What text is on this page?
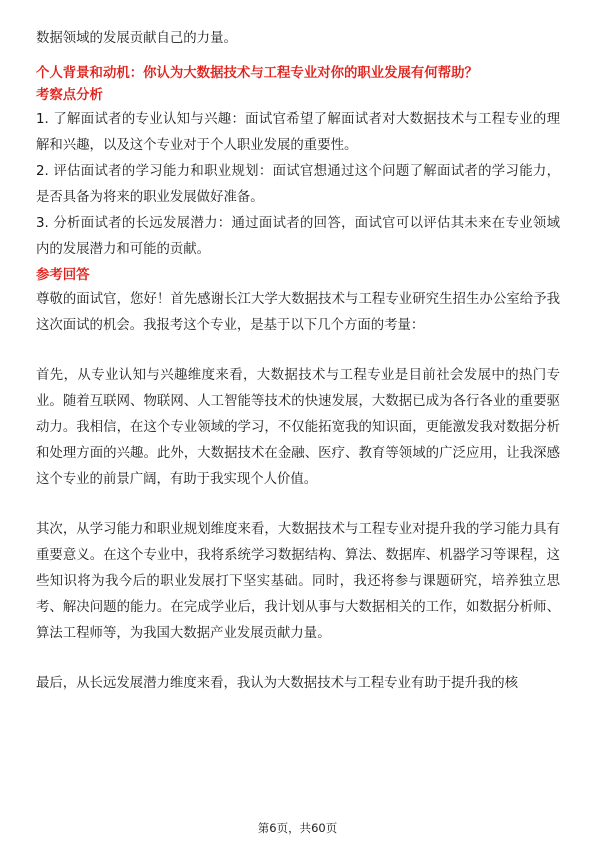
数据领域的发展贡献自己的力量。

个人背景和动机：你认为大数据技术与工程专业对你的职业发展有何帮助？
考察点分析

1. 了解面试者的专业认知与兴趣：面试官希望了解面试者对大数据技术与工程专业的理解和兴趣，以及这个专业对于个人职业发展的重要性。

2. 评估面试者的学习能力和职业规划：面试官想通过这个问题了解面试者的学习能力，是否具备为将来的职业发展做好准备。

3. 分析面试者的长远发展潜力：通过面试者的回答，面试官可以评估其未来在专业领域内的发展潜力和可能的贡献。

参考回答

尊敬的面试官，您好！首先感谢长江大学大数据技术与工程专业研究生招生办公室给予我这次面试的机会。我报考这个专业，是基于以下几个方面的考量：

首先，从专业认知与兴趣维度来看，大数据技术与工程专业是目前社会发展中的热门专业。随着互联网、物联网、人工智能等技术的快速发展，大数据已成为各行各业的重要驱动力。我相信，在这个专业领域的学习，不仅能拓宽我的知识面，更能激发我对数据分析和处理方面的兴趣。此外，大数据技术在金融、医疗、教育等领域的广泛应用，让我深感这个专业的前景广阔，有助于我实现个人价值。

其次，从学习能力和职业规划维度来看，大数据技术与工程专业对提升我的学习能力具有重要意义。在这个专业中，我将系统学习数据结构、算法、数据库、机器学习等课程，这些知识将为我今后的职业发展打下坚实基础。同时，我还将参与课题研究，培养独立思考、解决问题的能力。在完成学业后，我计划从事与大数据相关的工作，如数据分析师、算法工程师等，为我国大数据产业发展贡献力量。

最后，从长远发展潜力维度来看，我认为大数据技术与工程专业有助于提升我的核

第6页，共60页
